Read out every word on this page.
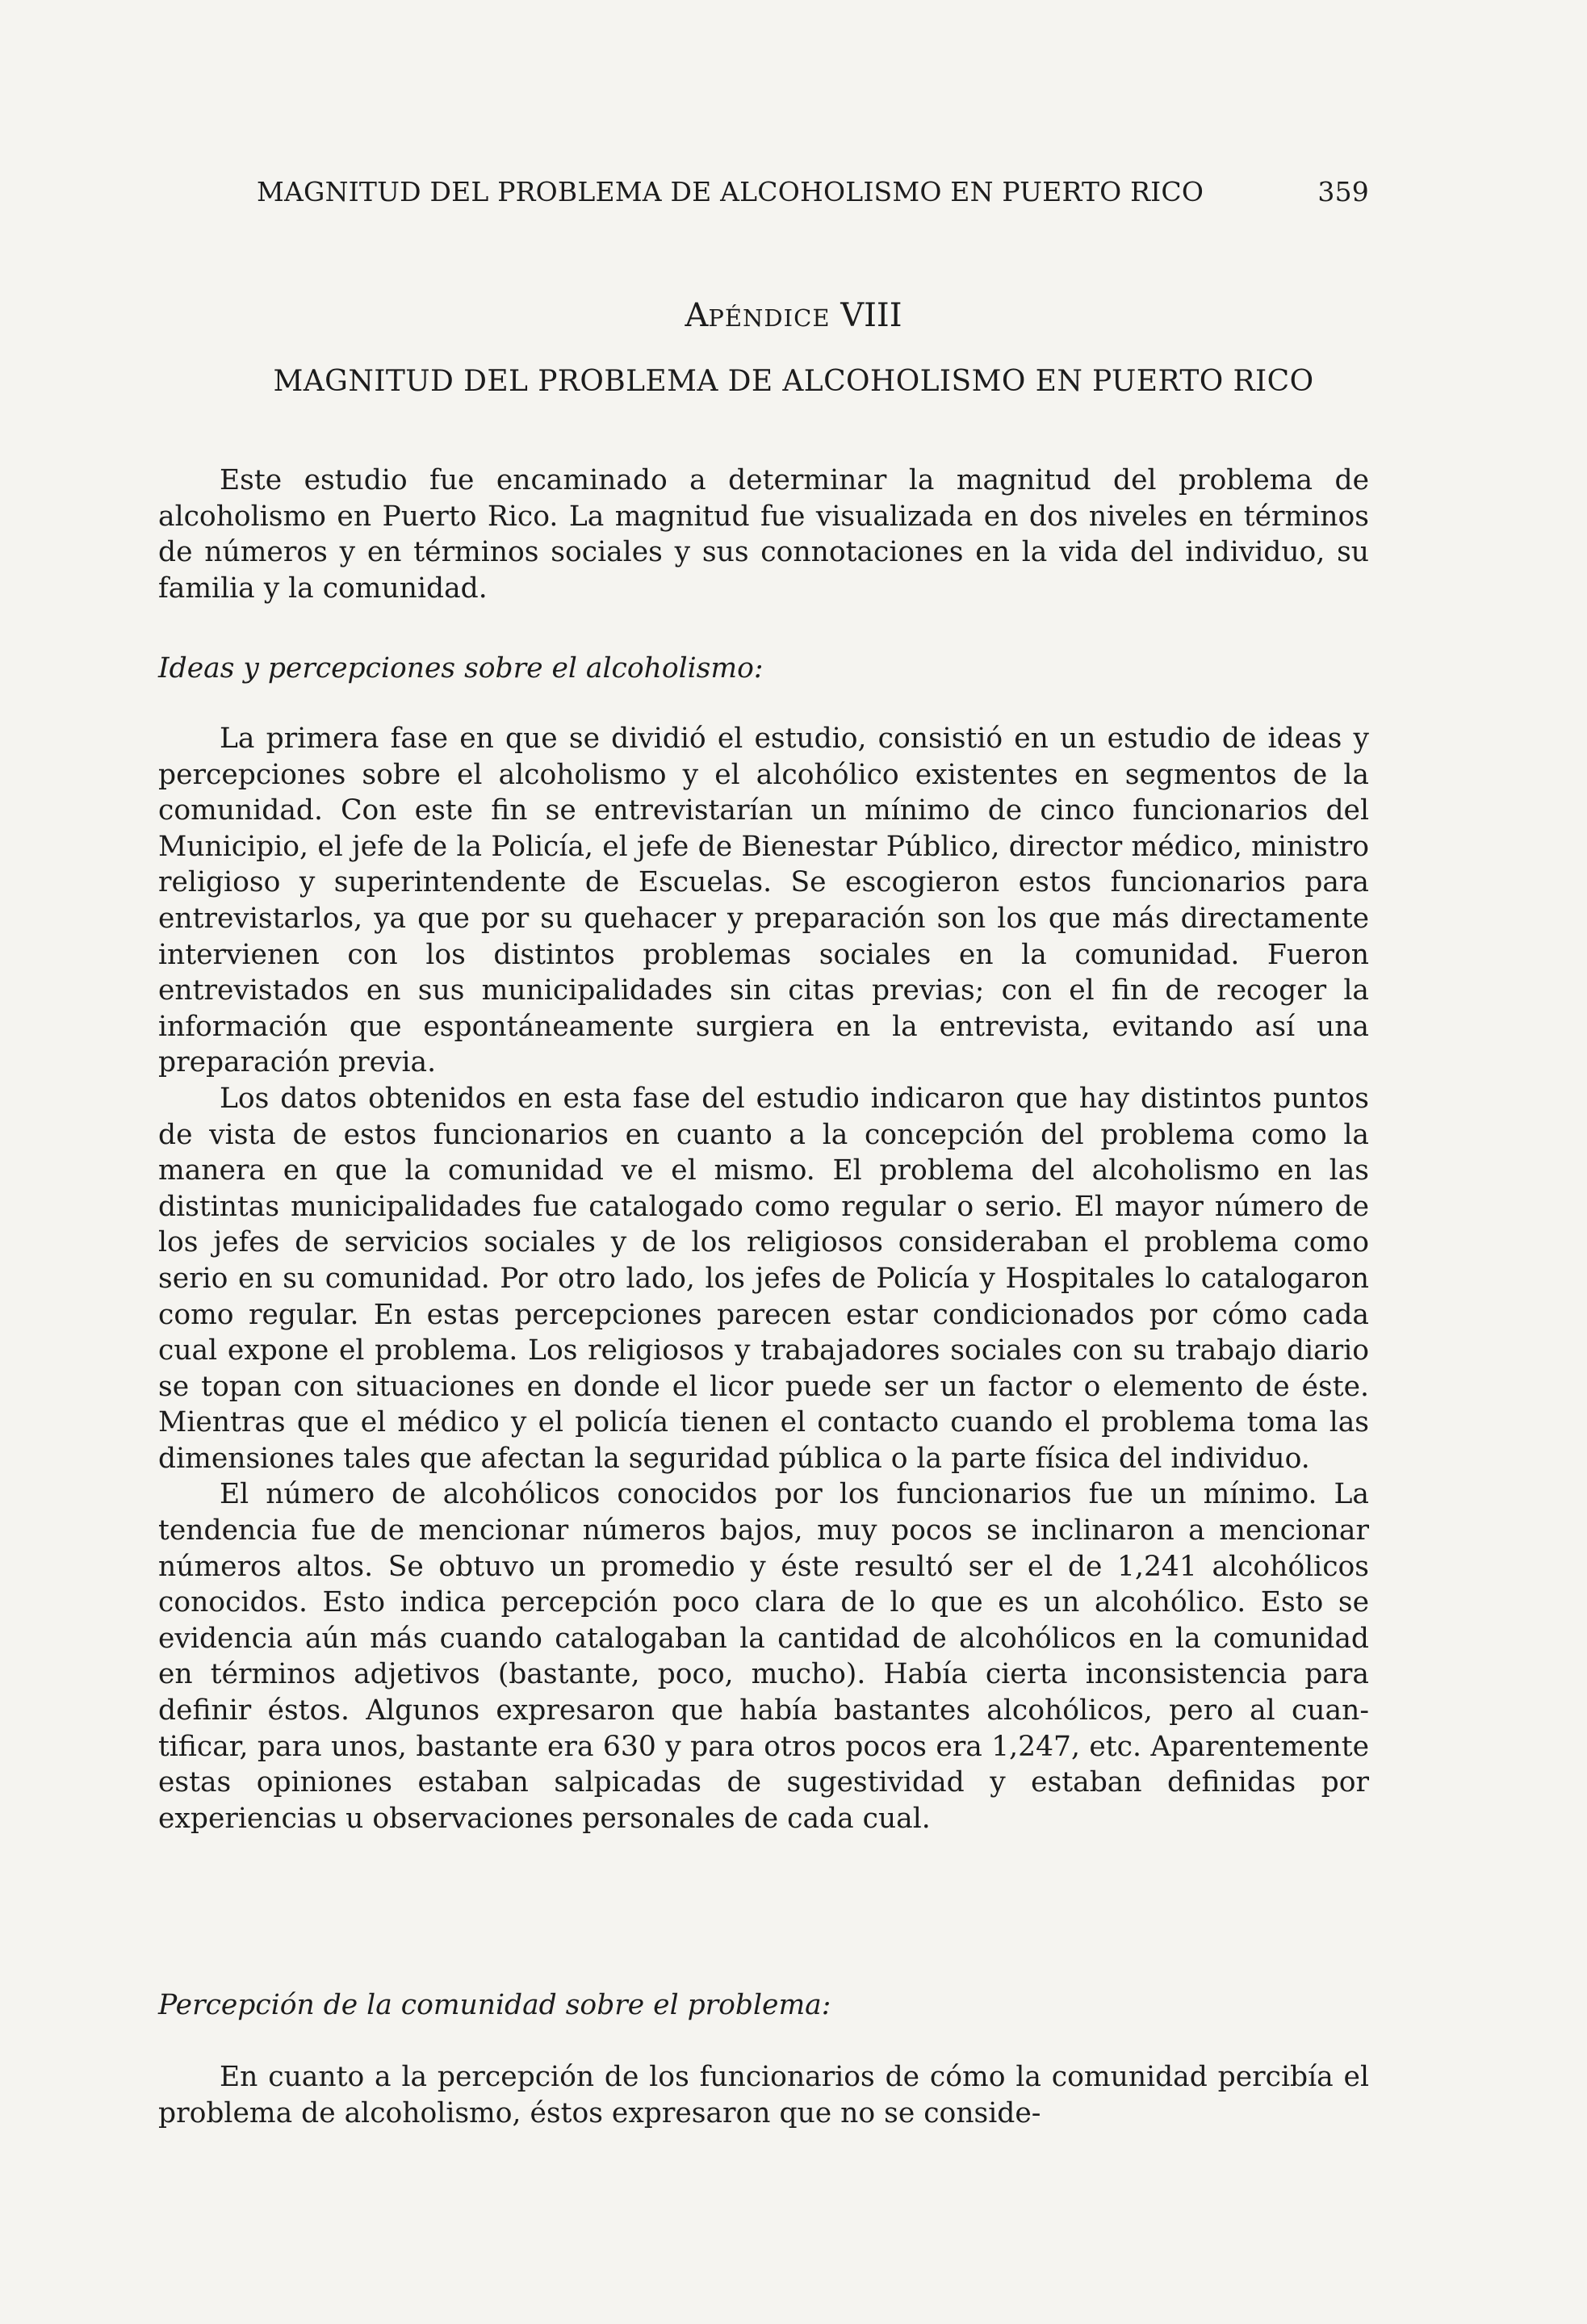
MAGNITUD DEL PROBLEMA DE ALCOHOLISMO EN PUERTO RICO	359
APÉNDICE VIII
MAGNITUD DEL PROBLEMA DE ALCOHOLISMO EN PUERTO RICO

Este estudio fue encaminado a determinar la magnitud del problema de alcoholismo en Puerto Rico. La magnitud fue visualizada en dos niveles en términos de números y en términos sociales y sus connotaciones en la vida del individuo, su familia y la comunidad.

Ideas y percepciones sobre el alcoholismo:

La primera fase en que se dividió el estudio, consistió en un estudio de ideas y percepciones sobre el alcoholismo y el alcohólico existentes en segmentos de la comunidad. Con este fin se entrevistarían un mínimo de cinco funcionarios del Municipio, el jefe de la Policía, el jefe de Bienestar Público, director médico, ministro religioso y superintendente de Escuelas. Se escogieron estos funcionarios para entrevistarlos, ya que por su quehacer y preparación son los que más directamente intervienen con los distintos problemas sociales en la comunidad. Fueron entrevistados en sus municipalidades sin citas previas; con el fin de recoger la información que espontáneamente surgiera en la entrevista, evitando así una preparación previa.

Los datos obtenidos en esta fase del estudio indicaron que hay distintos puntos de vista de estos funcionarios en cuanto a la concepción del problema como la manera en que la comunidad ve el mismo. El problema del alcoholismo en las distintas municipalidades fue catalogado como regular o serio. El mayor número de los jefes de servicios sociales y de los religiosos consideraban el problema como serio en su comunidad. Por otro lado, los jefes de Policía y Hospitales lo catalogaron como regular. En estas percepciones parecen estar condicionados por cómo cada cual expone el problema. Los religiosos y trabajadores sociales con su trabajo diario se topan con situaciones en donde el licor puede ser un factor o elemento de éste. Mientras que el médico y el policía tienen el contacto cuando el problema toma las dimensiones tales que afectan la seguridad pública o la parte física del individuo.

El número de alcohólicos conocidos por los funcionarios fue un mínimo. La tendencia fue de mencionar números bajos, muy pocos se inclinaron a mencionar números altos. Se obtuvo un promedio y éste resultó ser el de 1,241 alcohólicos conocidos. Esto indica percepción poco clara de lo que es un alcohólico. Esto se evidencia aún más cuando catalogaban la cantidad de alcohólicos en la comunidad en términos adjetivos (bastante, poco, mucho). Había cierta inconsistencia para definir éstos. Algunos expresaron que había bastantes alcohólicos, pero al cuantificar, para unos, bastante era 630 y para otros pocos era 1,247, etc. Aparentemente estas opiniones estaban salpicadas de sugestividad y estaban definidas por experiencias u observaciones personales de cada cual.

Percepción de la comunidad sobre el problema:

En cuanto a la percepción de los funcionarios de cómo la comunidad percibía el problema de alcoholismo, éstos expresaron que no se conside-
